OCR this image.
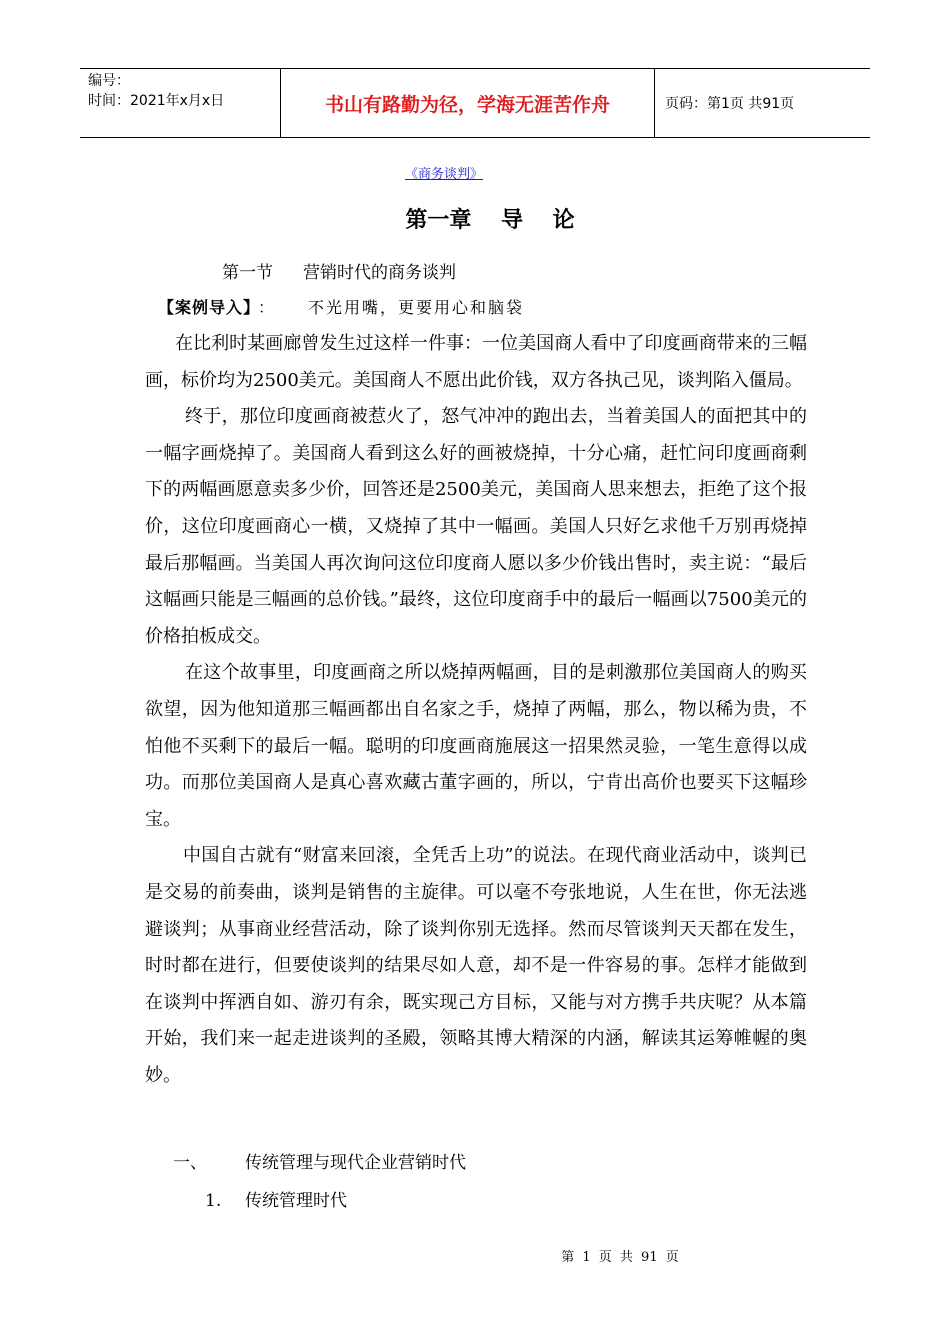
编号：
时间：2021年x月x日	书山有路勤为径，学海无涯苦作舟	页码：第1页 共91页
《商务谈判》
第一章 导 论
第一节 营销时代的商务谈判
【案例导入】 ： 不光用嘴，更要用心和脑袋

在比利时某画廊曾发生过这样一件事：一位美国商人看中了印度画商带来的三幅画，标价均为2500美元。美国商人不愿出此价钱，双方各执己见，谈判陷入僵局。

终于，那位印度画商被惹火了，怒气冲冲的跑出去，当着美国人的面把其中的一幅字画烧掉了。美国商人看到这么好的画被烧掉，十分心痛，赶忙问印度画商剩下的两幅画愿意卖多少价，回答还是2500美元，美国商人思来想去，拒绝了这个报价，这位印度画商心一横，又烧掉了其中一幅画。美国人只好乞求他千万别再烧掉最后那幅画。当美国人再次询问这位印度商人愿以多少价钱出售时，卖主说：“最后这幅画只能是三幅画的总价钱。”最终，这位印度商手中的最后一幅画以7500美元的价格拍板成交。

在这个故事里，印度画商之所以烧掉两幅画，目的是刺激那位美国商人的购买欲望，因为他知道那三幅画都出自名家之手，烧掉了两幅，那么，物以稀为贵，不怕他不买剩下的最后一幅。聪明的印度画商施展这一招果然灵验，一笔生意得以成功。而那位美国商人是真心喜欢藏古董字画的，所以，宁肯出高价也要买下这幅珍宝。

中国自古就有“财富来回滚，全凭舌上功”的说法。在现代商业活动中，谈判已是交易的前奏曲，谈判是销售的主旋律。可以毫不夸张地说，人生在世，你无法逃避谈判；从事商业经营活动，除了谈判你别无选择。然而尽管谈判天天都在发生，时时都在进行，但要使谈判的结果尽如人意，却不是一件容易的事。怎样才能做到在谈判中挥洒自如、游刃有余，既实现己方目标，又能与对方携手共庆呢？从本篇开始，我们来一起走进谈判的圣殿，领略其博大精深的内涵，解读其运筹帷幄的奥妙。

一、 传统管理与现代企业营销时代
1. 传统管理时代
第 1 页 共 91 页
